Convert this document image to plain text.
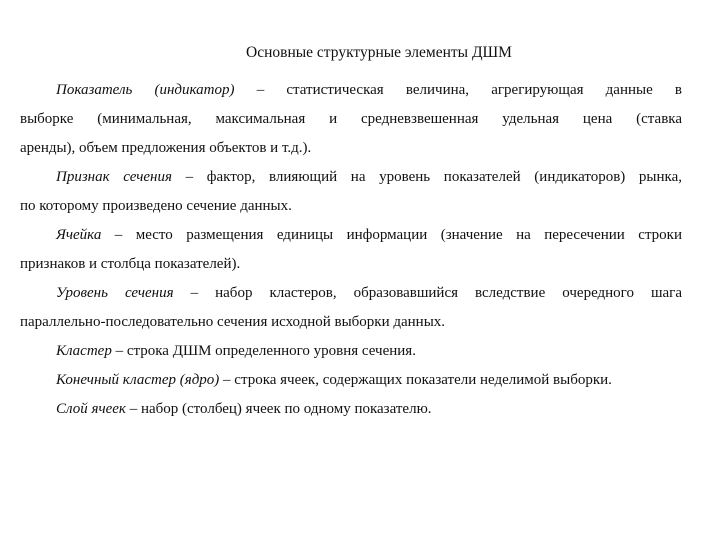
Основные структурные элементы ДШМ
Показатель (индикатор) – статистическая величина, агрегирующая данные в
выборке (минимальная, максимальная и средневзвешенная удельная цена (ставка
аренды), объем предложения объектов и т.д.).
Признак сечения – фактор, влияющий на уровень показателей (индикаторов) рынка,
по которому произведено сечение данных.
Ячейка – место размещения единицы информации (значение на пересечении строки
признаков и столбца показателей).
Уровень сечения – набор кластеров, образовавшийся вследствие очередного шага
параллельно-последовательно сечения исходной выборки данных.
Кластер – строка ДШМ определенного уровня сечения.
Конечный кластер (ядро) – строка ячеек, содержащих показатели неделимой выборки.
Слой ячеек – набор (столбец) ячеек по одному показателю.
